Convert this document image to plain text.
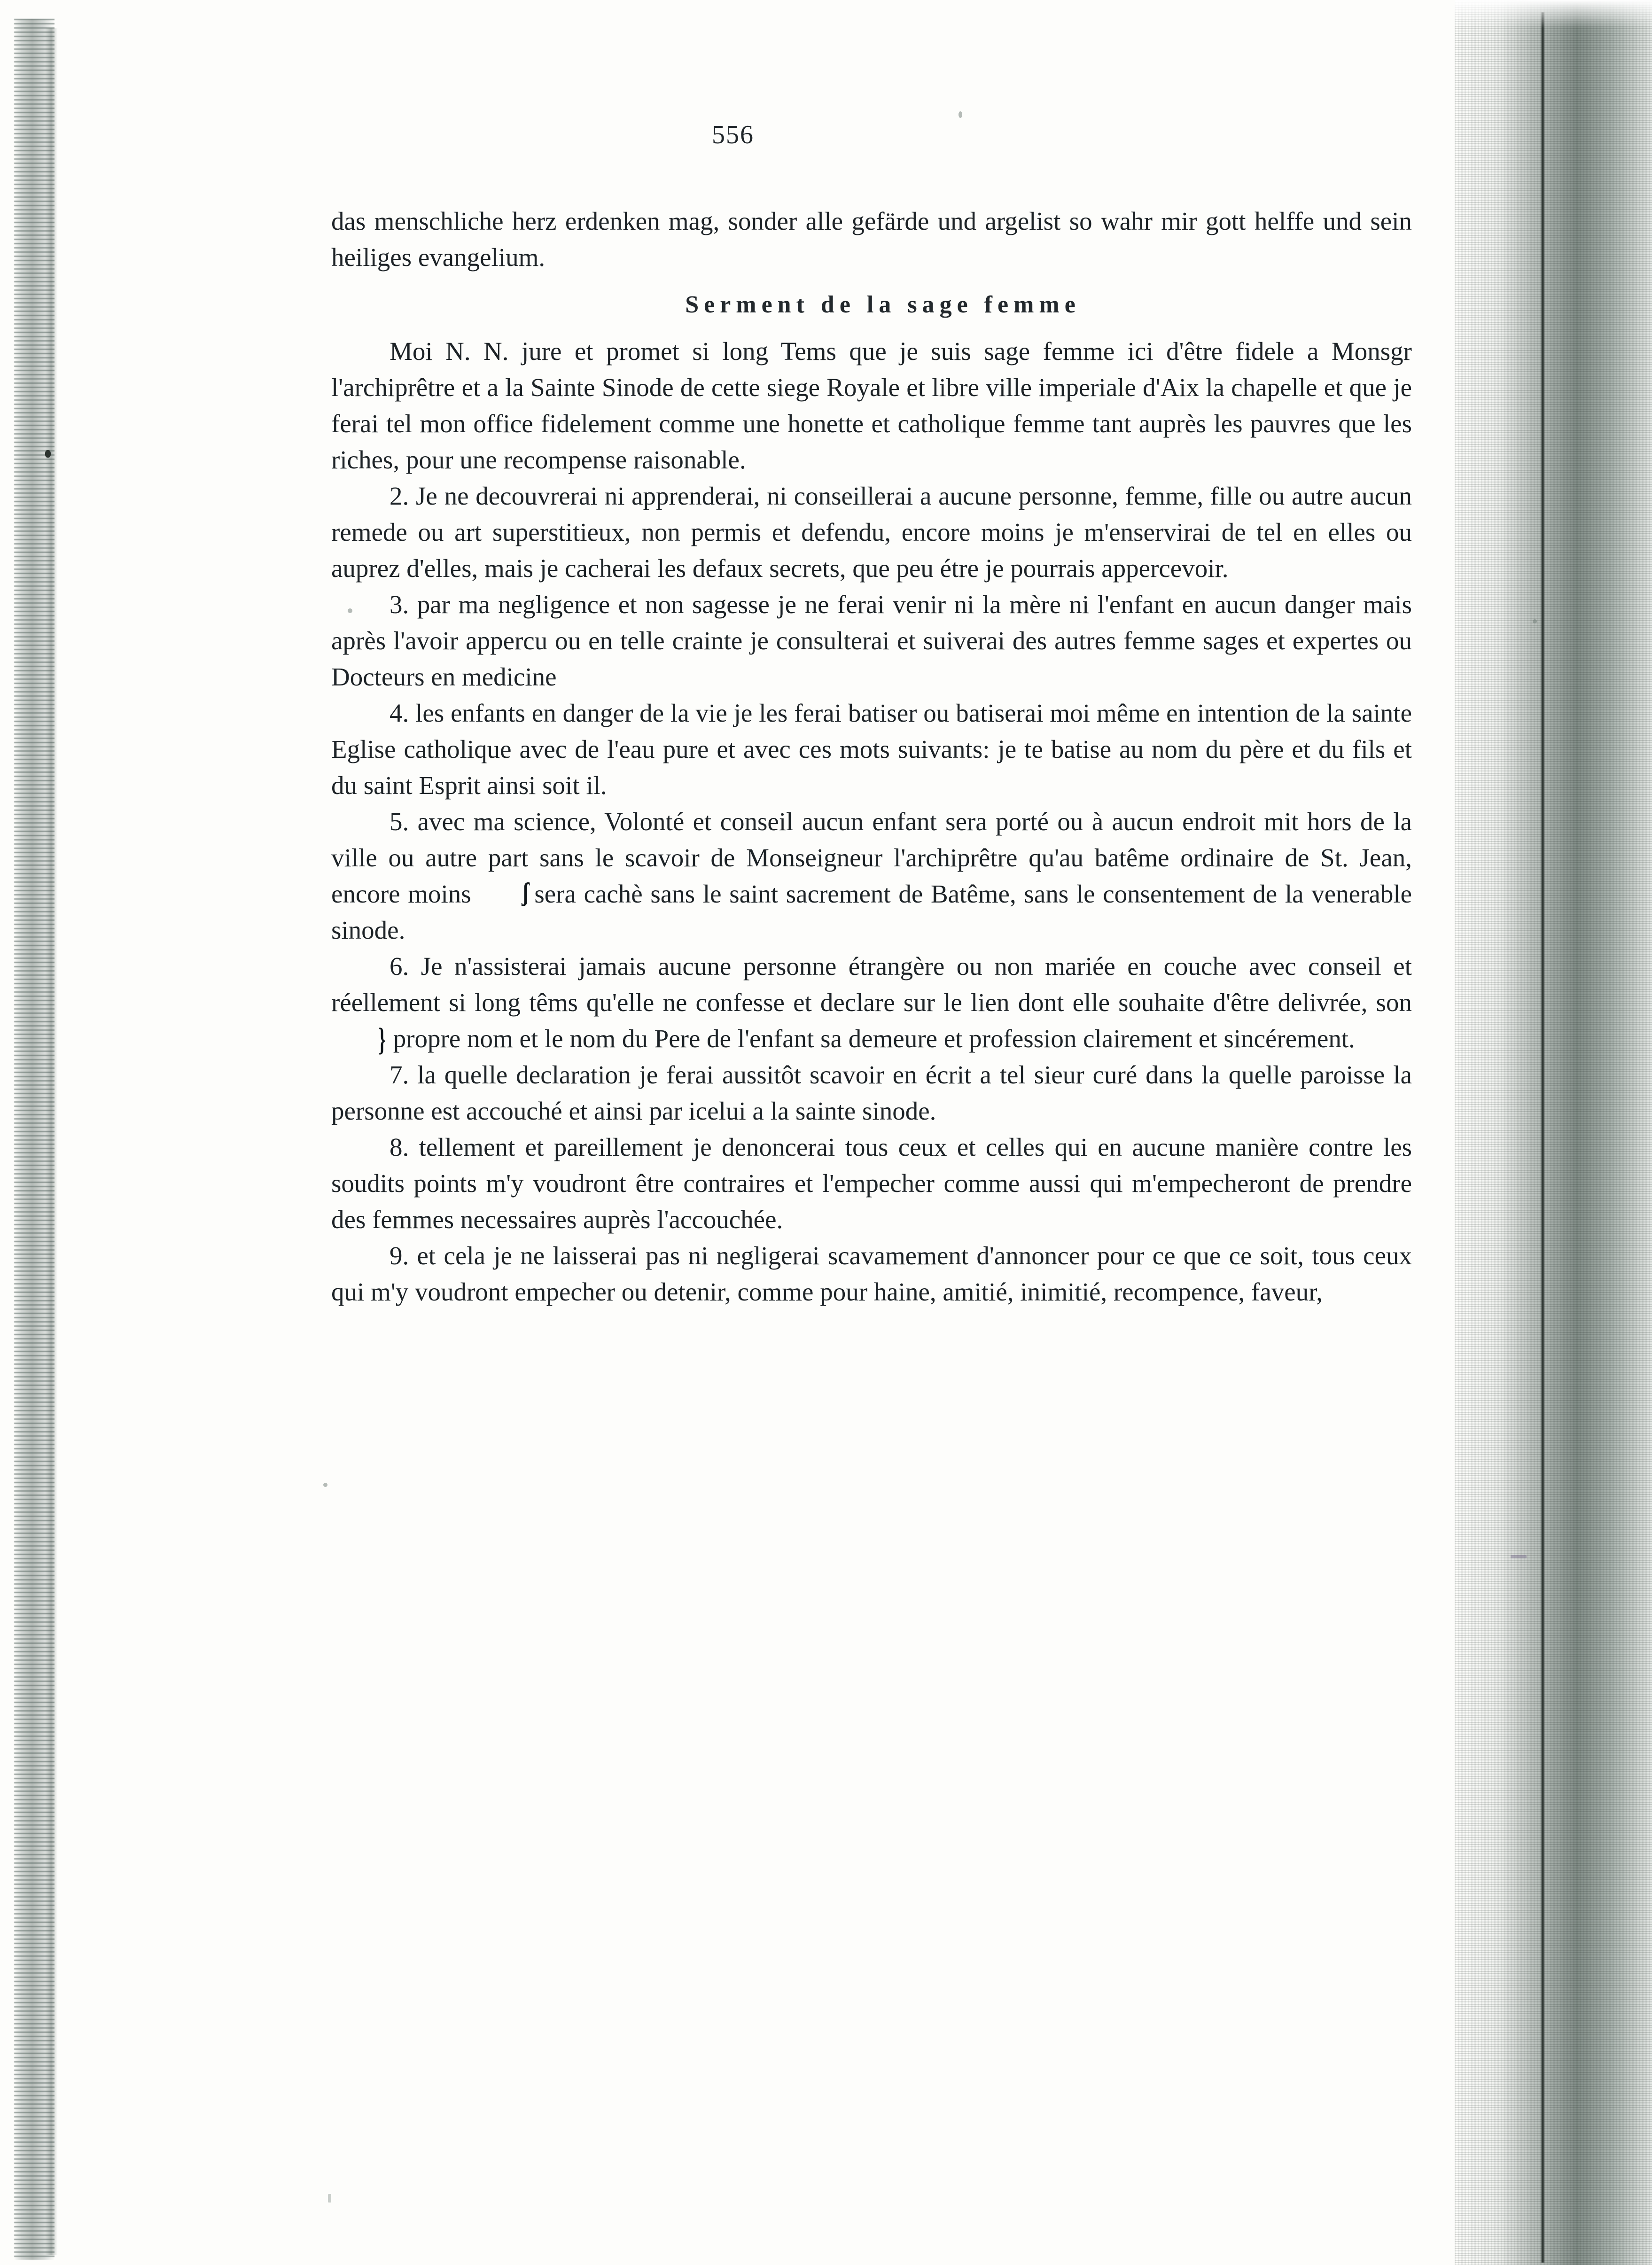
556

das menschliche herz erdenken mag, sonder alle gefärde und argelist so wahr mir gott helffe und sein heiliges evangelium.

Serment de la sage femme

Moi N. N. jure et promet si long Tems que je suis sage femme ici d'être fidele a Monsgr l'archiprêtre et a la Sainte Sinode de cette siege Royale et libre ville imperiale d'Aix la chapelle et que je ferai tel mon office fidelement comme une honette et catholique femme tant auprès les pauvres que les riches, pour une recompense raisonable.

2. Je ne decouvrerai ni apprenderai, ni conseillerai a aucune personne, femme, fille ou autre aucun remede ou art superstitieux, non permis et defendu, encore moins je m'enservirai de tel en elles ou auprez d'elles, mais je cacherai les defaux secrets, que peu étre je pourrais appercevoir.

3. par ma negligence et non sagesse je ne ferai venir ni la mère ni l'enfant en aucun danger mais après l'avoir appercu ou en telle crainte je consulterai et suiverai des autres femme sages et expertes ou Docteurs en medicine

4. les enfants en danger de la vie je les ferai batiser ou batiserai moi même en intention de la sainte Eglise catholique avec de l'eau pure et avec ces mots suivants: je te batise au nom du père et du fils et du saint Esprit ainsi soit il.

5. avec ma science, Volonté et conseil aucun enfant sera porté ou à aucun endroit mit hors de la ville ou autre part sans le scavoir de Monseigneur l'archiprêtre qu'au batême ordinaire de St. Jean, encore moins ʃ sera cachè sans le saint sacrement de Batême, sans le consentement de la venerable sinode.

6. Je n'assisterai jamais aucune personne étrangère ou non mariée en couche avec conseil et réellement si long têms qu'elle ne confesse et declare sur le lien dont elle souhaite d'être delivrée, son} propre nom et le nom du Pere de l'enfant sa demeure et profession clairement et sincérement.

7. la quelle declaration je ferai aussitôt scavoir en écrit a tel sieur curé dans la quelle paroisse la personne est accouché et ainsi par icelui a la sainte sinode.

8. tellement et pareillement je denoncerai tous ceux et celles qui en aucune manière contre les soudits points m'y voudront être contraires et l'empecher comme aussi qui m'empecheront de prendre des femmes necessaires auprès l'accouchée.

9. et cela je ne laisserai pas ni negligerai scavamement d'annoncer pour ce que ce soit, tous ceux qui m'y voudront empecher ou detenir, comme pour haine, amitié, inimitié, recompence, faveur,
